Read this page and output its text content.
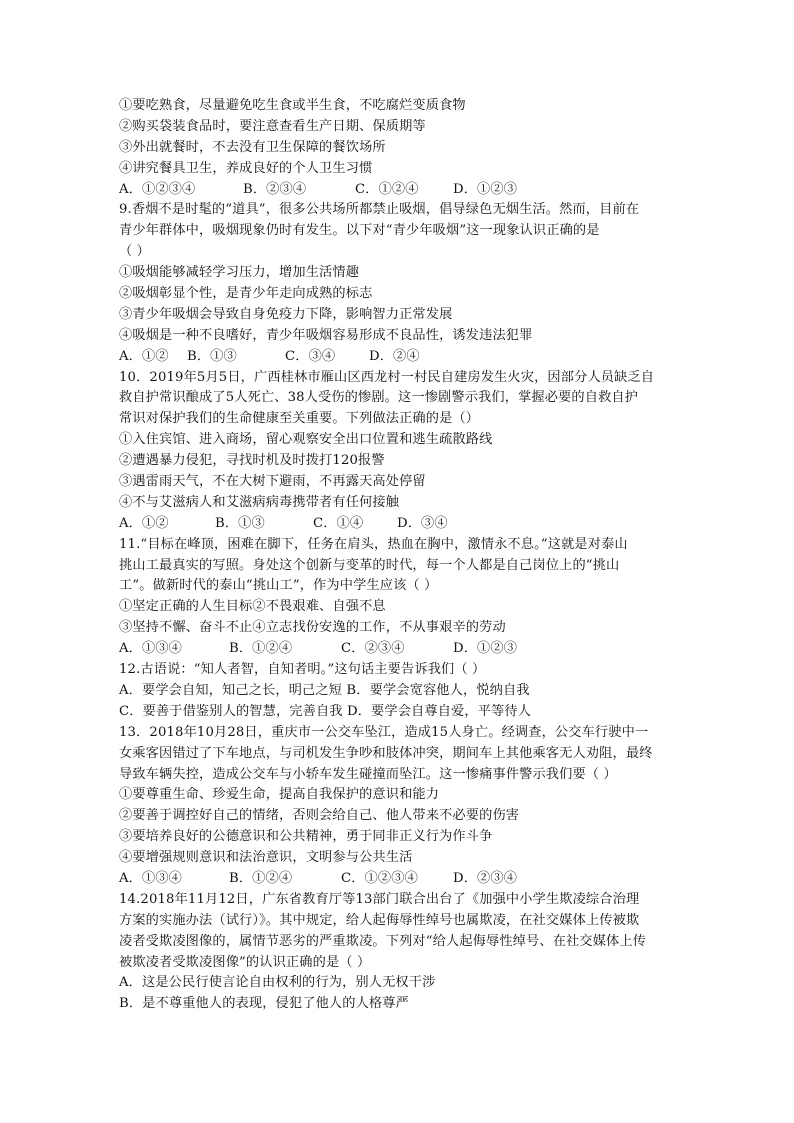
①要吃熟食，尽量避免吃生食或半生食，不吃腐烂变质食物
②购买袋装食品时，要注意查看生产日期、保质期等
③外出就餐时，不去没有卫生保障的餐饮场所
④讲究餐具卫生，养成良好的个人卫生习惯
A．①②③④	B．②③④	C．①②④	D．①②③
9.香烟不是时髦的“道具”，很多公共场所都禁止吸烟，倡导绿色无烟生活。然而，目前在
青少年群体中，吸烟现象仍时有发生。以下对“青少年吸烟”这一现象认识正确的是
（ ）
①吸烟能够减轻学习压力，增加生活情趣
②吸烟彰显个性，是青少年走向成熟的标志
③青少年吸烟会导致自身免疫力下降，影响智力正常发展
④吸烟是一种不良嗜好，青少年吸烟容易形成不良品性，诱发违法犯罪
A．①②	B．①③	C．③④	D．②④
10．2019年5月5日，广西桂林市雁山区西龙村一村民自建房发生火灾，因部分人员缺乏自
救自护常识酿成了5人死亡、38人受伤的惨剧。这一惨剧警示我们，掌握必要的自救自护
常识对保护我们的生命健康至关重要。下列做法正确的是（）
①入住宾馆、进入商场，留心观察安全出口位置和逃生疏散路线
②遭遇暴力侵犯，寻找时机及时拨打120报警
③遇雷雨天气，不在大树下避雨，不再露天高处停留
④不与艾滋病人和艾滋病病毒携带者有任何接触
A．①②	B．①③	C．①④	D．③④
11.“目标在峰顶，困难在脚下，任务在肩头，热血在胸中，激情永不息。”这就是对泰山
挑山工最真实的写照。身处这个创新与变革的时代，每一个人都是自己岗位上的“挑山
工”。做新时代的泰山“挑山工”，作为中学生应该（ ）
①坚定正确的人生目标②不畏艰难、自强不息
③坚持不懈、奋斗不止④立志找份安逸的工作，不从事艰辛的劳动
A．①③④	B．①②④	C．②③④	D．①②③
12.古语说：“知人者智，自知者明。”这句话主要告诉我们（ ）
A．要学会自知，知己之长，明己之短 B．要学会宽容他人，悦纳自我
C．要善于借鉴别人的智慧，完善自我 D．要学会自尊自爱，平等待人
13．2018年10月28日，重庆市一公交车坠江，造成15人身亡。经调查，公交车行驶中一
女乘客因错过了下车地点，与司机发生争吵和肢体冲突，期间车上其他乘客无人劝阻，最终
导致车辆失控，造成公交车与小轿车发生碰撞而坠江。这一惨痛事件警示我们要（ ）
①要尊重生命、珍爱生命，提高自我保护的意识和能力
②要善于调控好自己的情绪，否则会给自己、他人带来不必要的伤害
③要培养良好的公德意识和公共精神，勇于同非正义行为作斗争
④要增强规则意识和法治意识，文明参与公共生活
A．①③④	B．①②④	C．①②③④	D．②③④
14.2018年11月12日，广东省教育厅等13部门联合出台了《加强中小学生欺凌综合治理
方案的实施办法（试行）》。其中规定，给人起侮辱性绰号也属欺凌，在社交媒体上传被欺
凌者受欺凌图像的，属情节恶劣的严重欺凌。下列对“给人起侮辱性绰号、在社交媒体上传
被欺凌者受欺凌图像”的认识正确的是（ ）
A．这是公民行使言论自由权利的行为，别人无权干涉
B．是不尊重他人的表现，侵犯了他人的人格尊严
